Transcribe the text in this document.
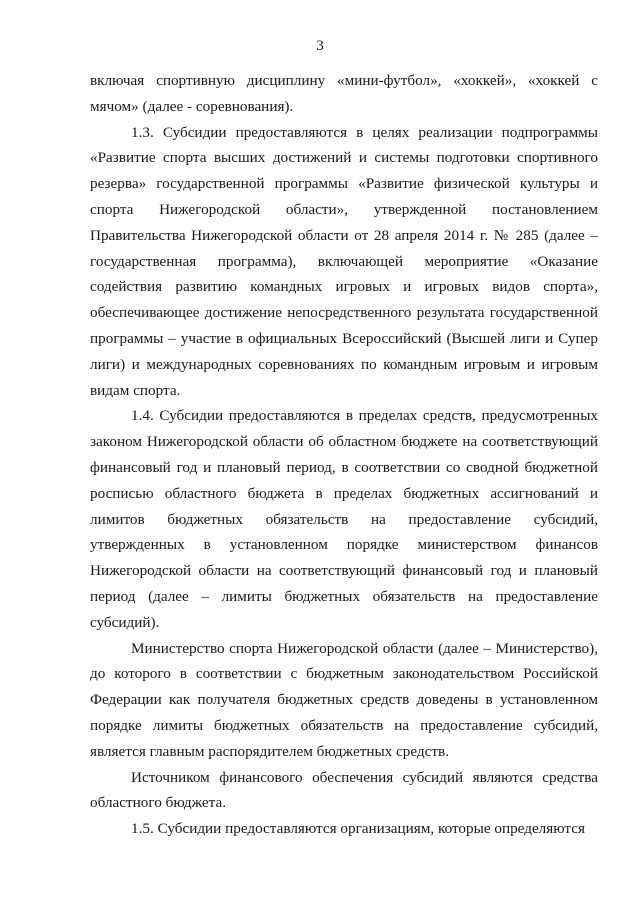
3

включая спортивную дисциплину «мини-футбол», «хоккей», «хоккей с мячом» (далее - соревнования).

1.3. Субсидии предоставляются в целях реализации подпрограммы «Развитие спорта высших достижений и системы подготовки спортивного резерва» государственной программы «Развитие физической культуры и спорта Нижегородской области», утвержденной постановлением Правительства Нижегородской области от 28 апреля 2014 г. № 285 (далее – государственная программа), включающей мероприятие «Оказание содействия развитию командных игровых и игровых видов спорта», обеспечивающее достижение непосредственного результата государственной программы – участие в официальных Всероссийский (Высшей лиги и Супер лиги) и международных соревнованиях по командным игровым и игровым видам спорта.

1.4. Субсидии предоставляются в пределах средств, предусмотренных законом Нижегородской области об областном бюджете на соответствующий финансовый год и плановый период, в соответствии со сводной бюджетной росписью областного бюджета в пределах бюджетных ассигнований и лимитов бюджетных обязательств на предоставление субсидий, утвержденных в установленном порядке министерством финансов Нижегородской области на соответствующий финансовый год и плановый период (далее – лимиты бюджетных обязательств на предоставление субсидий).

Министерство спорта Нижегородской области (далее – Министерство), до которого в соответствии с бюджетным законодательством Российской Федерации как получателя бюджетных средств доведены в установленном порядке лимиты бюджетных обязательств на предоставление субсидий, является главным распорядителем бюджетных средств.

Источником финансового обеспечения субсидий являются средства областного бюджета.

1.5. Субсидии предоставляются организациям, которые определяются
